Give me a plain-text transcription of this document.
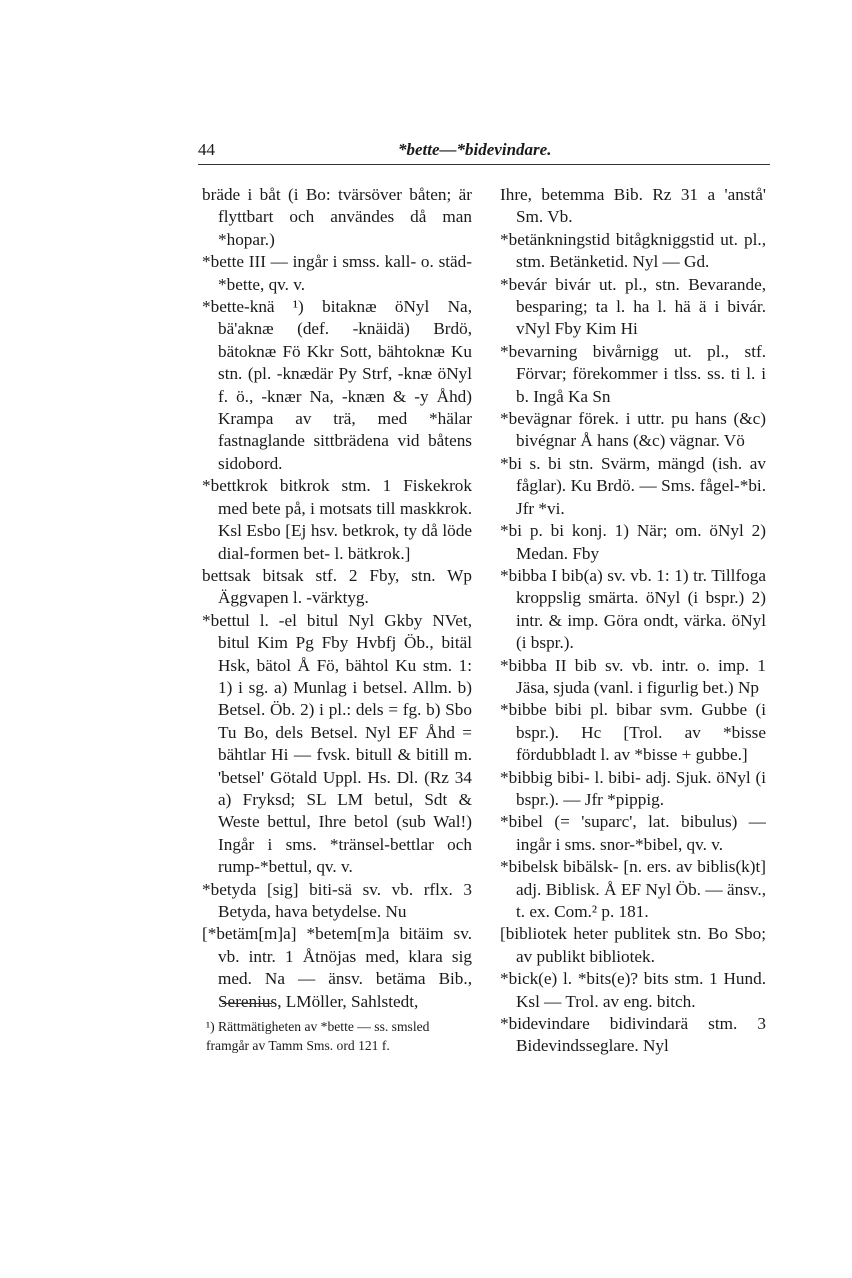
44	*bette—*bidevindare.

bräde i båt (i Bo: tvärsöver båten; är flyttbart och användes då man *hopar.)

*bette III — ingår i smss. kall- o. städ-*bette, qv. v.

*bette-knä ¹) bitaknæ öNyl Na, bä'aknæ (def. -knäidä) Brdö, bätoknæ Fö Kkr Sott, bähtoknæ Ku stn. (pl. -knædär Py Strf, -knæ öNyl f. ö., -knær Na, -knæn & -y Åhd) Krampa av trä, med *hälar fastnaglande sittbrädena vid båtens sidobord.

*bettkrok bitkrok stm. 1 Fiskekrok med bete på, i motsats till maskkrok. Ksl Esbo [Ej hsv. betkrok, ty då löde dial-formen bet- l. bätkrok.]

bettsak bitsak stf. 2 Fby, stn. Wp Äggvapen l. -värktyg.

*bettul l. -el bitul Nyl Gkby NVet, bitul Kim Pg Fby Hvbfj Öb., bitäl Hsk, bätol Å Fö, bähtol Ku stm. 1: 1) i sg. a) Munlag i betsel. Allm. b) Betsel. Öb. 2) i pl.: dels = fg. b) Sbo Tu Bo, dels Betsel. Nyl EF Åhd = bähtlar Hi — fvsk. bitull & bitill m. 'betsel' Götald Uppl. Hs. Dl. (Rz 34 a) Fryksd; SL LM betul, Sdt & Weste bettul, Ihre betol (sub Wal!) Ingår i sms. *tränsel-bettlar och rump-*bettul, qv. v.

*betyda [sig] biti-sä sv. vb. rflx. 3 Betyda, hava betydelse. Nu

[*betäm[m]a] *betem[m]a bitäim sv. vb. intr. 1 Åtnöjas med, klara sig med. Na — änsv. betäma Bib., Serenius, LMöller, Sahlstedt,

¹) Rättmätigheten av *bette — ss. smsled framgår av Tamm Sms. ord 121 f.

Ihre, betemma Bib. Rz 31 a 'anstå' Sm. Vb.

*betänkningstid bitågkniggstid ut. pl., stm. Betänketid. Nyl — Gd.

*bevár bivár ut. pl., stn. Bevarande, besparing; ta l. ha l. hä ä i bivár. vNyl Fby Kim Hi

*bevarning bivårnigg ut. pl., stf. Förvar; förekommer i tlss. ss. ti l. i b. Ingå Ka Sn

*bevägnar förek. i uttr. pu hans (&c) bivégnar Å hans (&c) vägnar. Vö

*bi s. bi stn. Svärm, mängd (ish. av fåglar). Ku Brdö. — Sms. fågel-*bi. Jfr *vi.

*bi p. bi konj. 1) När; om. öNyl 2) Medan. Fby

*bibba I bib(a) sv. vb. 1: 1) tr. Tillfoga kroppslig smärta. öNyl (i bspr.) 2) intr. & imp. Göra ondt, värka. öNyl (i bspr.).

*bibba II bib sv. vb. intr. o. imp. 1 Jäsa, sjuda (vanl. i figurlig bet.) Np

*bibbe bibi pl. bibar svm. Gubbe (i bspr.). Hc [Trol. av *bisse fördubbladt l. av *bisse + gubbe.]

*bibbig bibi- l. bibi- adj. Sjuk. öNyl (i bspr.). — Jfr *pippig.

*bibel (= 'suparc', lat. bibulus) — ingår i sms. snor-*bibel, qv. v.

*bibelsk bibälsk- [n. ers. av biblis(k)t] adj. Biblisk. Å EF Nyl Öb. — änsv., t. ex. Com.² p. 181.

[bibliotek heter publitek stn. Bo Sbo; av publikt bibliotek.

*bick(e) l. *bits(e)? bits stm. 1 Hund. Ksl — Trol. av eng. bitch.

*bidevindare bidivindarä stm. 3 Bidevindsseglare. Nyl
